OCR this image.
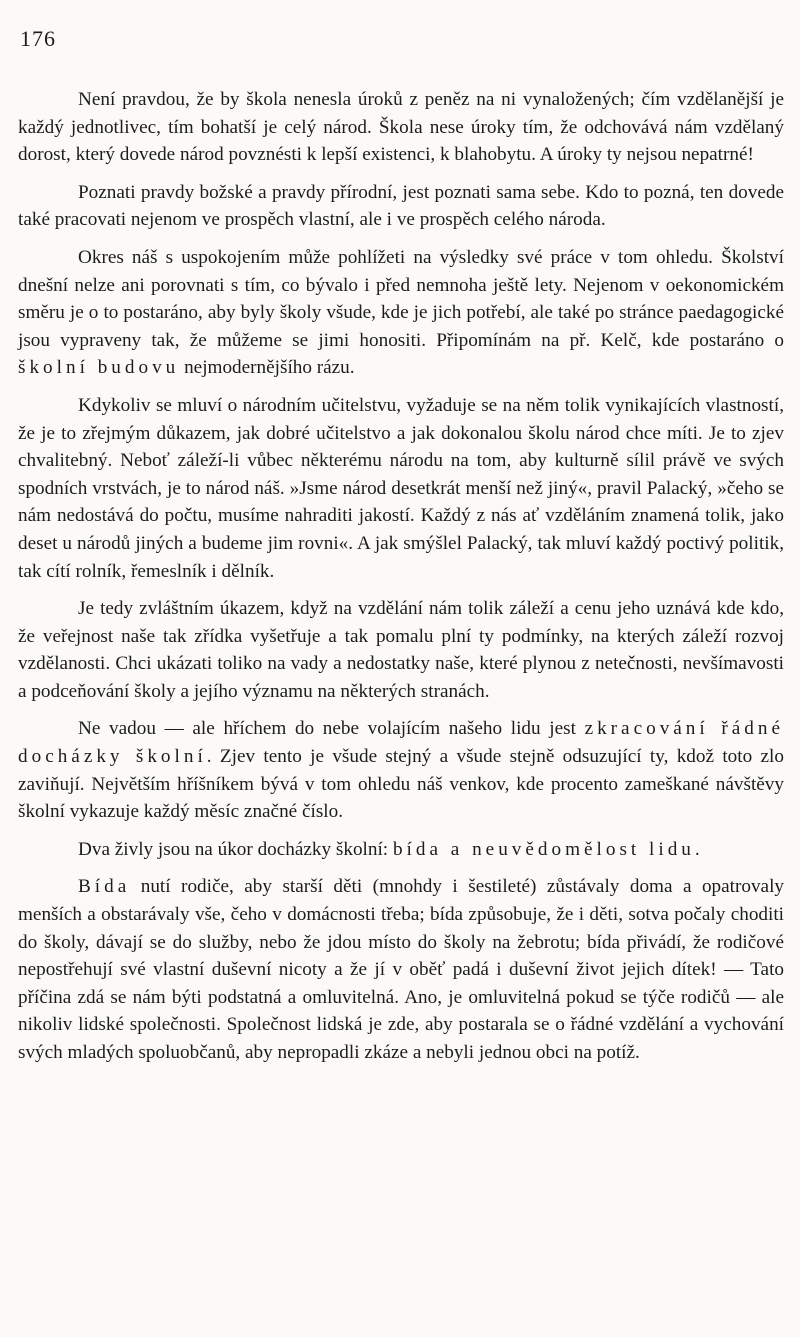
176

Není pravdou, že by škola nenesla úroků z peněz na ni vynaložených; čím vzdělanější je každý jednotlivec, tím bohatší je celý národ. Škola nese úroky tím, že odchovává nám vzdělaný dorost, který dovede národ povznésti k lepší existenci, k blahobytu. A úroky ty nejsou nepatrné!

Poznati pravdy božské a pravdy přírodní, jest poznati sama sebe. Kdo to pozná, ten dovede také pracovati nejenom ve prospěch vlastní, ale i ve prospěch celého národa.

Okres náš s uspokojením může pohlížeti na výsledky své práce v tom ohledu. Školství dnešní nelze ani porovnati s tím, co bývalo i před nemnoha ještě lety. Nejenom v oekonomickém směru je o to postaráno, aby byly školy všude, kde je jich potřebí, ale také po stránce paedagogické jsou vypraveny tak, že můžeme se jimi honositi. Připomínám na př. Kelč, kde postaráno o školní budovu nejmodernějšího rázu.

Kdykoliv se mluví o národním učitelstvu, vyžaduje se na něm tolik vynikajících vlastností, že je to zřejmým důkazem, jak dobré učitelstvo a jak dokonalou školu národ chce míti. Je to zjev chvalitebný. Neboť záleží-li vůbec některému národu na tom, aby kulturně sílil právě ve svých spodních vrstvách, je to národ náš. »Jsme národ desetkrát menší než jiný«, pravil Palacký, »čeho se nám nedostává do počtu, musíme nahraditi jakostí. Každý z nás ať vzděláním znamená tolik, jako deset u národů jiných a budeme jim rovni«. A jak smýšlel Palacký, tak mluví každý poctivý politik, tak cítí rolník, řemeslník i dělník.

Je tedy zvláštním úkazem, když na vzdělání nám tolik záleží a cenu jeho uznává kde kdo, že veřejnost naše tak zřídka vyšetřuje a tak pomalu plní ty podmínky, na kterých záleží rozvoj vzdělanosti. Chci ukázati toliko na vady a nedostatky naše, které plynou z netečnosti, nevšímavosti a podceňování školy a jejího významu na některých stranách.

Ne vadou — ale hříchem do nebe volajícím našeho lidu jest zkracování řádné docházky školní. Zjev tento je všude stejný a všude stejně odsuzující ty, kdož toto zlo zaviňují. Největším hříšníkem bývá v tom ohledu náš venkov, kde procento zameškané návštěvy školní vykazuje každý měsíc značné číslo.

Dva živly jsou na úkor docházky školní: bída a neuvědomělost lidu.

Bída nutí rodiče, aby starší děti (mnohdy i šestileté) zůstávaly doma a opatrovaly menších a obstarávaly vše, čeho v domácnosti třeba; bída způsobuje, že i děti, sotva počaly choditi do školy, dávají se do služby, nebo že jdou místo do školy na žebrotu; bída přivádí, že rodičové nepostřehují své vlastní duševní nicoty a že jí v oběť padá i duševní život jejich dítek! — Tato příčina zdá se nám býti podstatná a omluvitelná. Ano, je omluvitelná pokud se týče rodičů — ale nikoliv lidské společnosti. Společnost lidská je zde, aby postarala se o řádné vzdělání a vychování svých mladých spoluobčanů, aby nepropadli zkáze a nebyli jednou obci na potíž.
